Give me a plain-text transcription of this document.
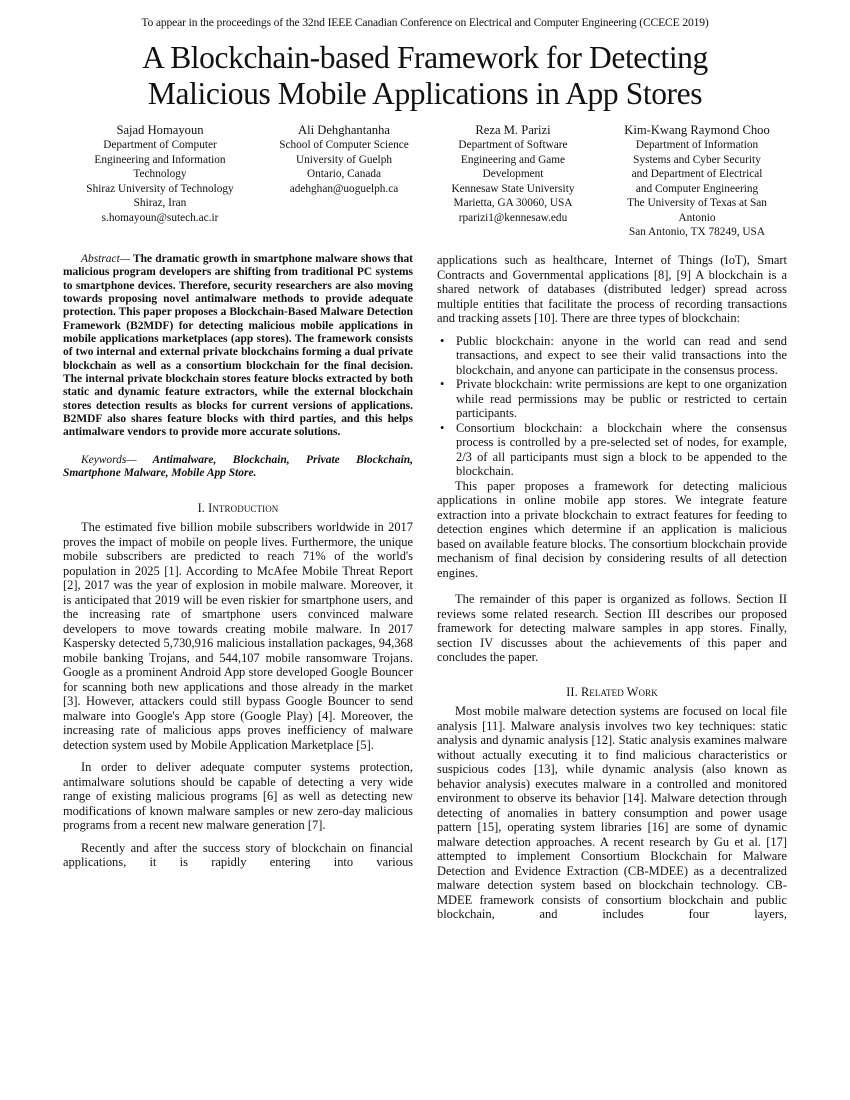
To appear in the proceedings of the 32nd IEEE Canadian Conference on Electrical and Computer Engineering (CCECE 2019)
A Blockchain-based Framework for Detecting
Malicious Mobile Applications in App Stores
Sajad Homayoun
Department of Computer
Engineering and Information
Technology
Shiraz University of Technology
Shiraz, Iran
s.homayoun@sutech.ac.ir
Ali Dehghantanha
School of Computer Science
University of Guelph
Ontario, Canada
adehghan@uoguelph.ca
Reza M. Parizi
Department of Software
Engineering and Game
Development
Kennesaw State University
Marietta, GA 30060, USA
rparizi1@kennesaw.edu
Kim-Kwang Raymond Choo
Department of Information
Systems and Cyber Security
and Department of Electrical
and Computer Engineering
The University of Texas at San
Antonio
San Antonio, TX 78249, USA

Abstract— The dramatic growth in smartphone malware shows that malicious program developers are shifting from traditional PC systems to smartphone devices. Therefore, security researchers are also moving towards proposing novel antimalware methods to provide adequate protection. This paper proposes a Blockchain-Based Malware Detection Framework (B2MDF) for detecting malicious mobile applications in mobile applications marketplaces (app stores). The framework consists of two internal and external private blockchains forming a dual private blockchain as well as a consortium blockchain for the final decision. The internal private blockchain stores feature blocks extracted by both static and dynamic feature extractors, while the external blockchain stores detection results as blocks for current versions of applications. B2MDF also shares feature blocks with third parties, and this helps antimalware vendors to provide more accurate solutions.

Keywords— Antimalware, Blockchain, Private Blockchain, Smartphone Malware, Mobile App Store.

I. Introduction

The estimated five billion mobile subscribers worldwide in 2017 proves the impact of mobile on people lives. Furthermore, the unique mobile subscribers are predicted to reach 71% of the world's population in 2025 [1]. According to McAfee Mobile Threat Report [2], 2017 was the year of explosion in mobile malware. Moreover, it is anticipated that 2019 will be even riskier for smartphone users, and the increasing rate of smartphone users convinced malware developers to move towards creating mobile malware. In 2017 Kaspersky detected 5,730,916 malicious installation packages, 94,368 mobile banking Trojans, and 544,107 mobile ransomware Trojans. Google as a prominent Android App store developed Google Bouncer for scanning both new applications and those already in the market [3]. However, attackers could still bypass Google Bouncer to send malware into Google's App store (Google Play) [4]. Moreover, the increasing rate of malicious apps proves inefficiency of malware detection system used by Mobile Application Marketplace [5].

In order to deliver adequate computer systems protection, antimalware solutions should be capable of detecting a very wide range of existing malicious programs [6] as well as detecting new modifications of known malware samples or new zero-day malicious programs from a recent new malware generation [7].

Recently and after the success story of blockchain on financial applications, it is rapidly entering into various

applications such as healthcare, Internet of Things (IoT), Smart Contracts and Governmental applications [8], [9] A blockchain is a shared network of databases (distributed ledger) spread across multiple entities that facilitate the process of recording transactions and tracking assets [10]. There are three types of blockchain:

• Public blockchain: anyone in the world can read and send transactions, and expect to see their valid transactions into the blockchain, and anyone can participate in the consensus process.
• Private blockchain: write permissions are kept to one organization while read permissions may be public or restricted to certain participants.
• Consortium blockchain: a blockchain where the consensus process is controlled by a pre-selected set of nodes, for example, 2/3 of all participants must sign a block to be appended to the blockchain.

This paper proposes a framework for detecting malicious applications in online mobile app stores. We integrate feature extraction into a private blockchain to extract features for feeding to detection engines which determine if an application is malicious based on available feature blocks. The consortium blockchain provide mechanism of final decision by considering results of all detection engines.

The remainder of this paper is organized as follows. Section II reviews some related research. Section III describes our proposed framework for detecting malware samples in app stores. Finally, section IV discusses about the achievements of this paper and concludes the paper.

II. Related Work

Most mobile malware detection systems are focused on local file analysis [11]. Malware analysis involves two key techniques: static analysis and dynamic analysis [12]. Static analysis examines malware without actually executing it to find malicious characteristics or suspicious codes [13], while dynamic analysis (also known as behavior analysis) executes malware in a controlled and monitored environment to observe its behavior [14]. Malware detection through detecting of anomalies in battery consumption and power usage pattern [15], operating system libraries [16] are some of dynamic malware detection approaches. A recent research by Gu et al. [17] attempted to implement Consortium Blockchain for Malware Detection and Evidence Extraction (CB-MDEE) as a decentralized malware detection system based on blockchain technology. CB-MDEE framework consists of consortium blockchain and public blockchain, and includes four layers,
